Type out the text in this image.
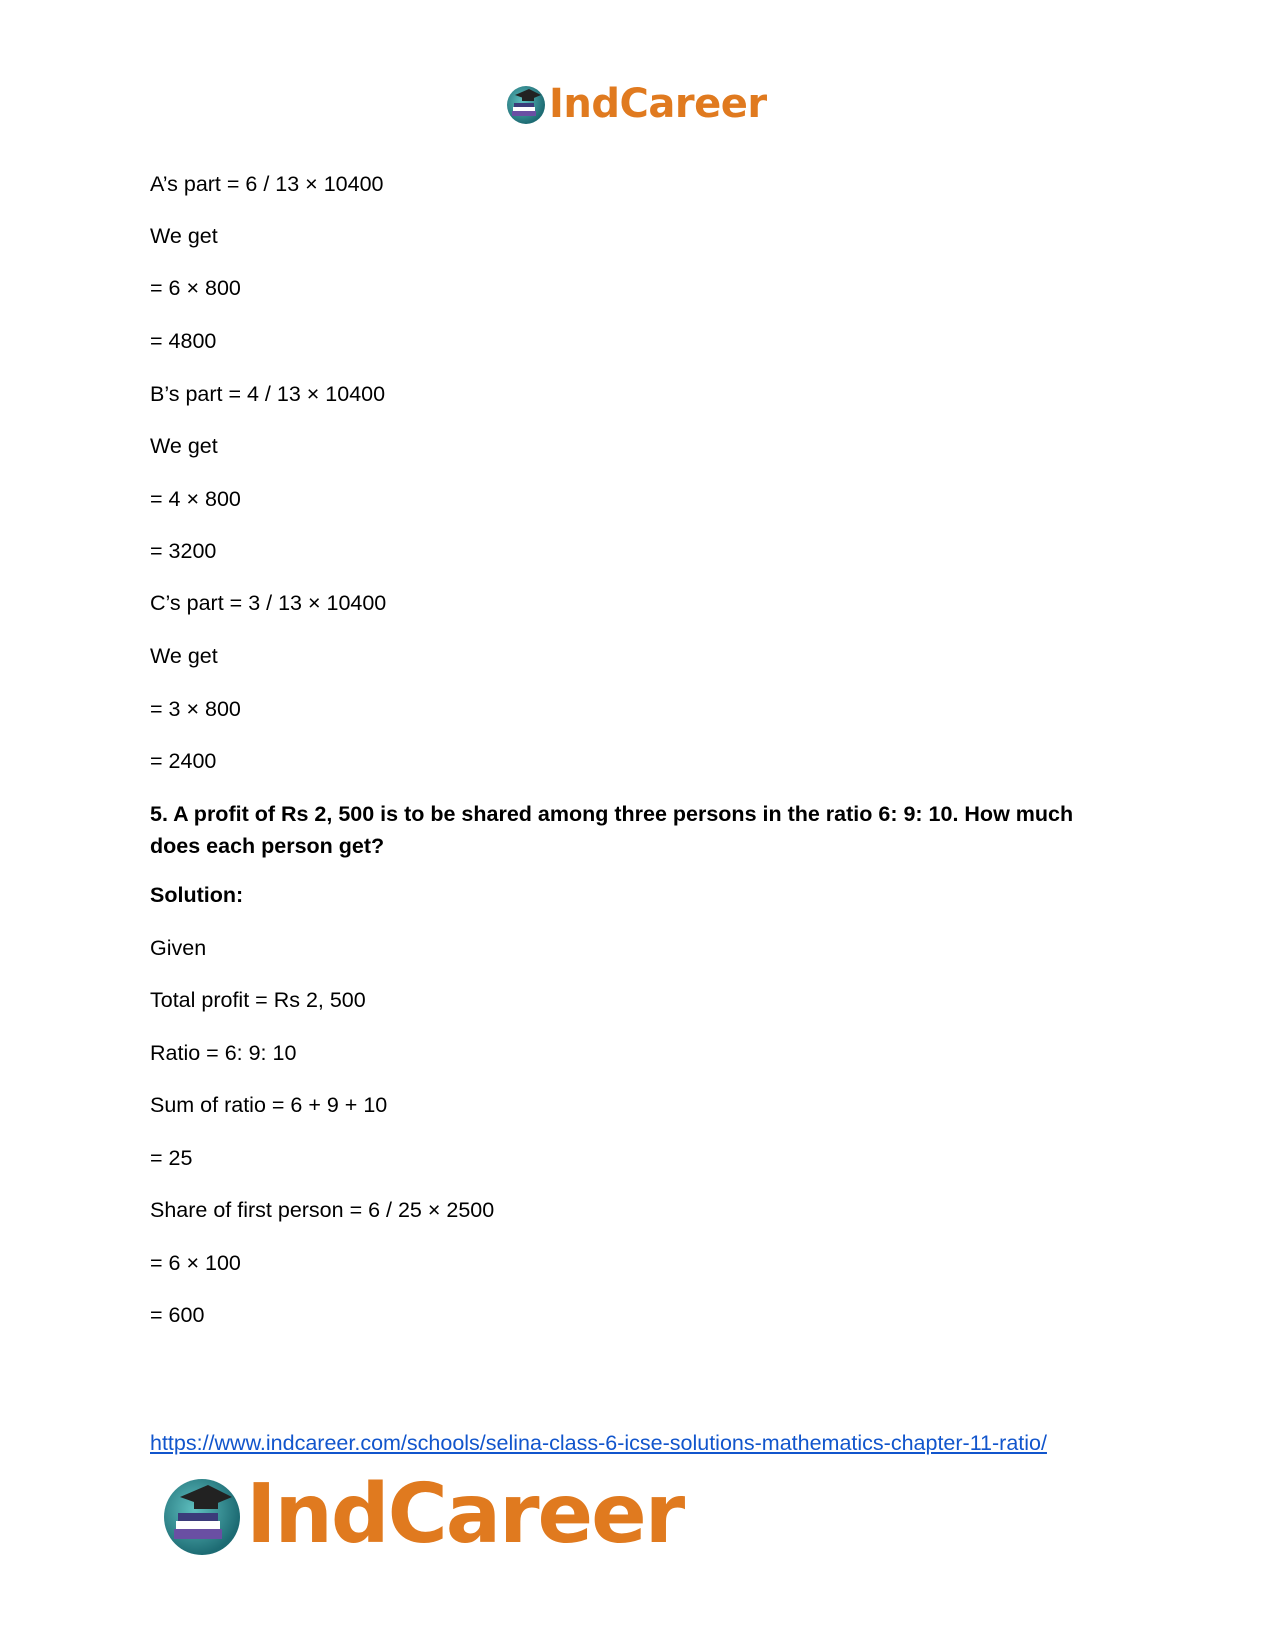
IndCareer
A’s part = 6 / 13 × 10400
We get
= 6 × 800
= 4800
B’s part = 4 / 13 × 10400
We get
= 4 × 800
= 3200
C’s part = 3 / 13 × 10400
We get
= 3 × 800
= 2400
5. A profit of Rs 2, 500 is to be shared among three persons in the ratio 6: 9: 10. How much does each person get?
Solution:
Given
Total profit = Rs 2, 500
Ratio = 6: 9: 10
Sum of ratio = 6 + 9 + 10
= 25
Share of first person = 6 / 25 × 2500
= 6 × 100
= 600
https://www.indcareer.com/schools/selina-class-6-icse-solutions-mathematics-chapter-11-ratio/
IndCareer
